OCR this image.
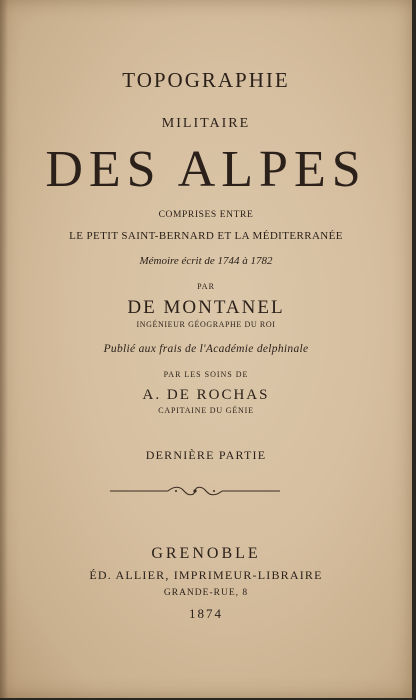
TOPOGRAPHIE
MILITAIRE
DES ALPES
COMPRISES ENTRE
LE PETIT SAINT-BERNARD ET LA MÉDITERRANÉE
Mémoire écrit de 1744 à 1782
PAR
DE MONTANEL
INGÉNIEUR GÉOGRAPHE DU ROI
Publié aux frais de l'Académie delphinale
PAR LES SOINS DE
A. DE ROCHAS
CAPITAINE DU GÉNIE
DERNIÈRE PARTIE
GRENOBLE
ÉD. ALLIER, IMPRIMEUR-LIBRAIRE
GRANDE-RUE, 8
1874
